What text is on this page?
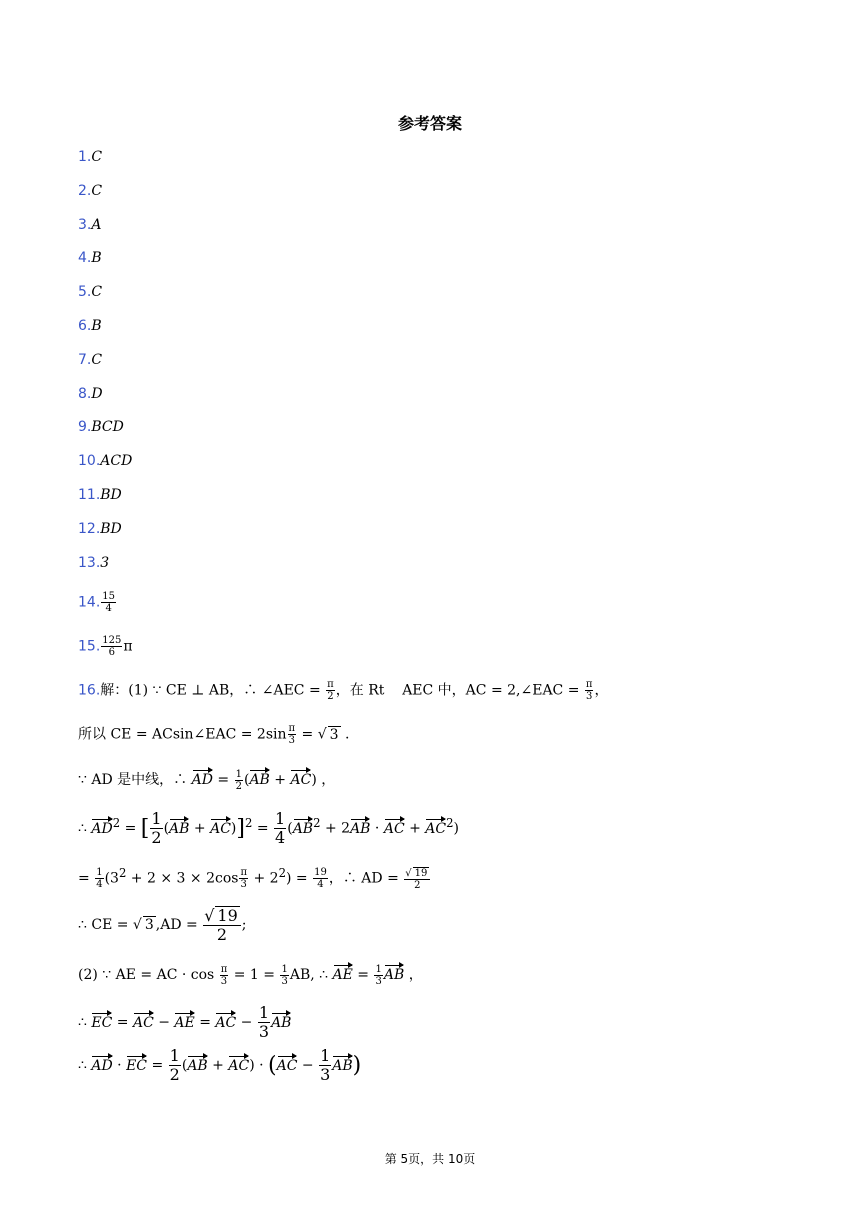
参考答案
1.C
2.C
3.A
4.B
5.C
6.B
7.C
8.D
9.BCD
10.ACD
11.BD
12.BD
13.3
14. $\frac{15}{4}$
15. $\frac{125}{6}$ π
16.解：(1) ∵ CE ⊥ AB，∴ ∠AEC = $\frac{\pi}{2}$ ，在 Rt AEC 中，AC = 2,∠EAC = $\frac{\pi}{3}$ ，
所以 CE = ACsin∠EAC = $2\sin \frac{\pi}{3}$ = √ 3 .
∵ AD 是中线，∴ AD = $\frac{1}{2} (AB + AC)$ ，
∴ $AD^2$ = [ $\frac{1}{2} (AB + AC)]^2 = \frac{1}{4} (AB^2 + 2AB$ · AC + $AC^2$)
= $\frac{1}{4} (3^2 + 2 \times 3 \times 2\cos \frac{\pi}{3} + 2^2) = \frac{19}{4}$ ，∴ AD = $\frac{√ 19}{2}$
∴ CE = √ 3 $,AD = \frac{√ 19}{2}$ ;
(2) ∵ AE = AC · $\cos \frac{\pi}{3} = 1 = \frac{1}{3}$ AB, ∴ AE = $\frac{1}{3}$ AB ，
∴ EC = AC − AE = AC − $\frac{1}{3}$ AB
∴ AD · EC = $\frac{1}{2} (AB + AC) \cdot (AC - \frac{1}{3} AB)$
第 5页，共 10页
